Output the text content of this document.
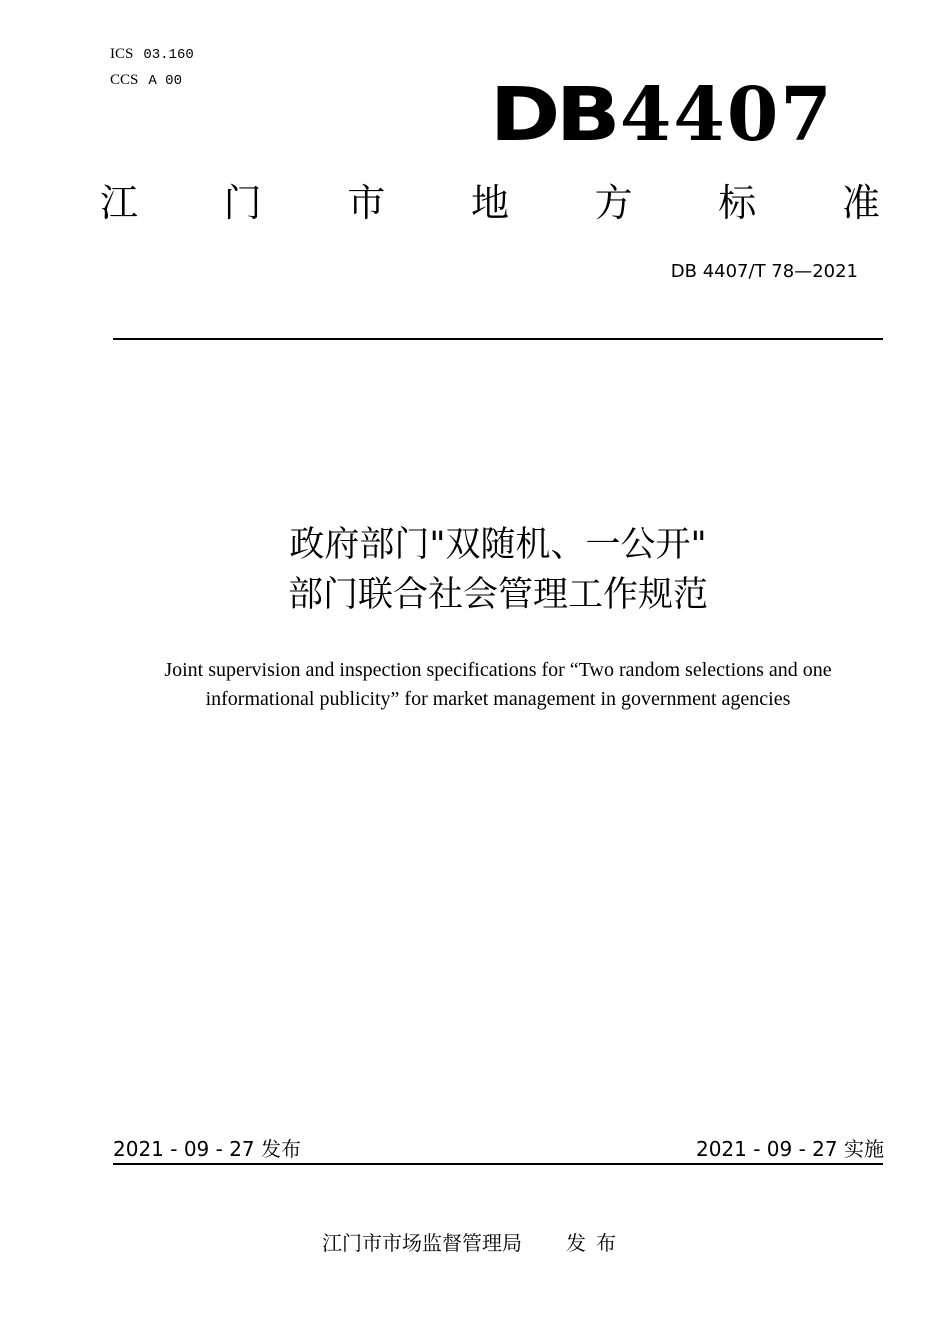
ICS 03.160
CCS A 00	DB4407
江 门 市 地 方 标 准
DB 4407/T 78—2021
政府部门"双随机、一公开"
部门联合社会管理工作规范
Joint supervision and inspection specifications for “Two random selections and one
informational publicity” for market management in government agencies
2021 - 09 - 27 发布	2021 - 09 - 27 实施
江门市市场监督管理局 发布
